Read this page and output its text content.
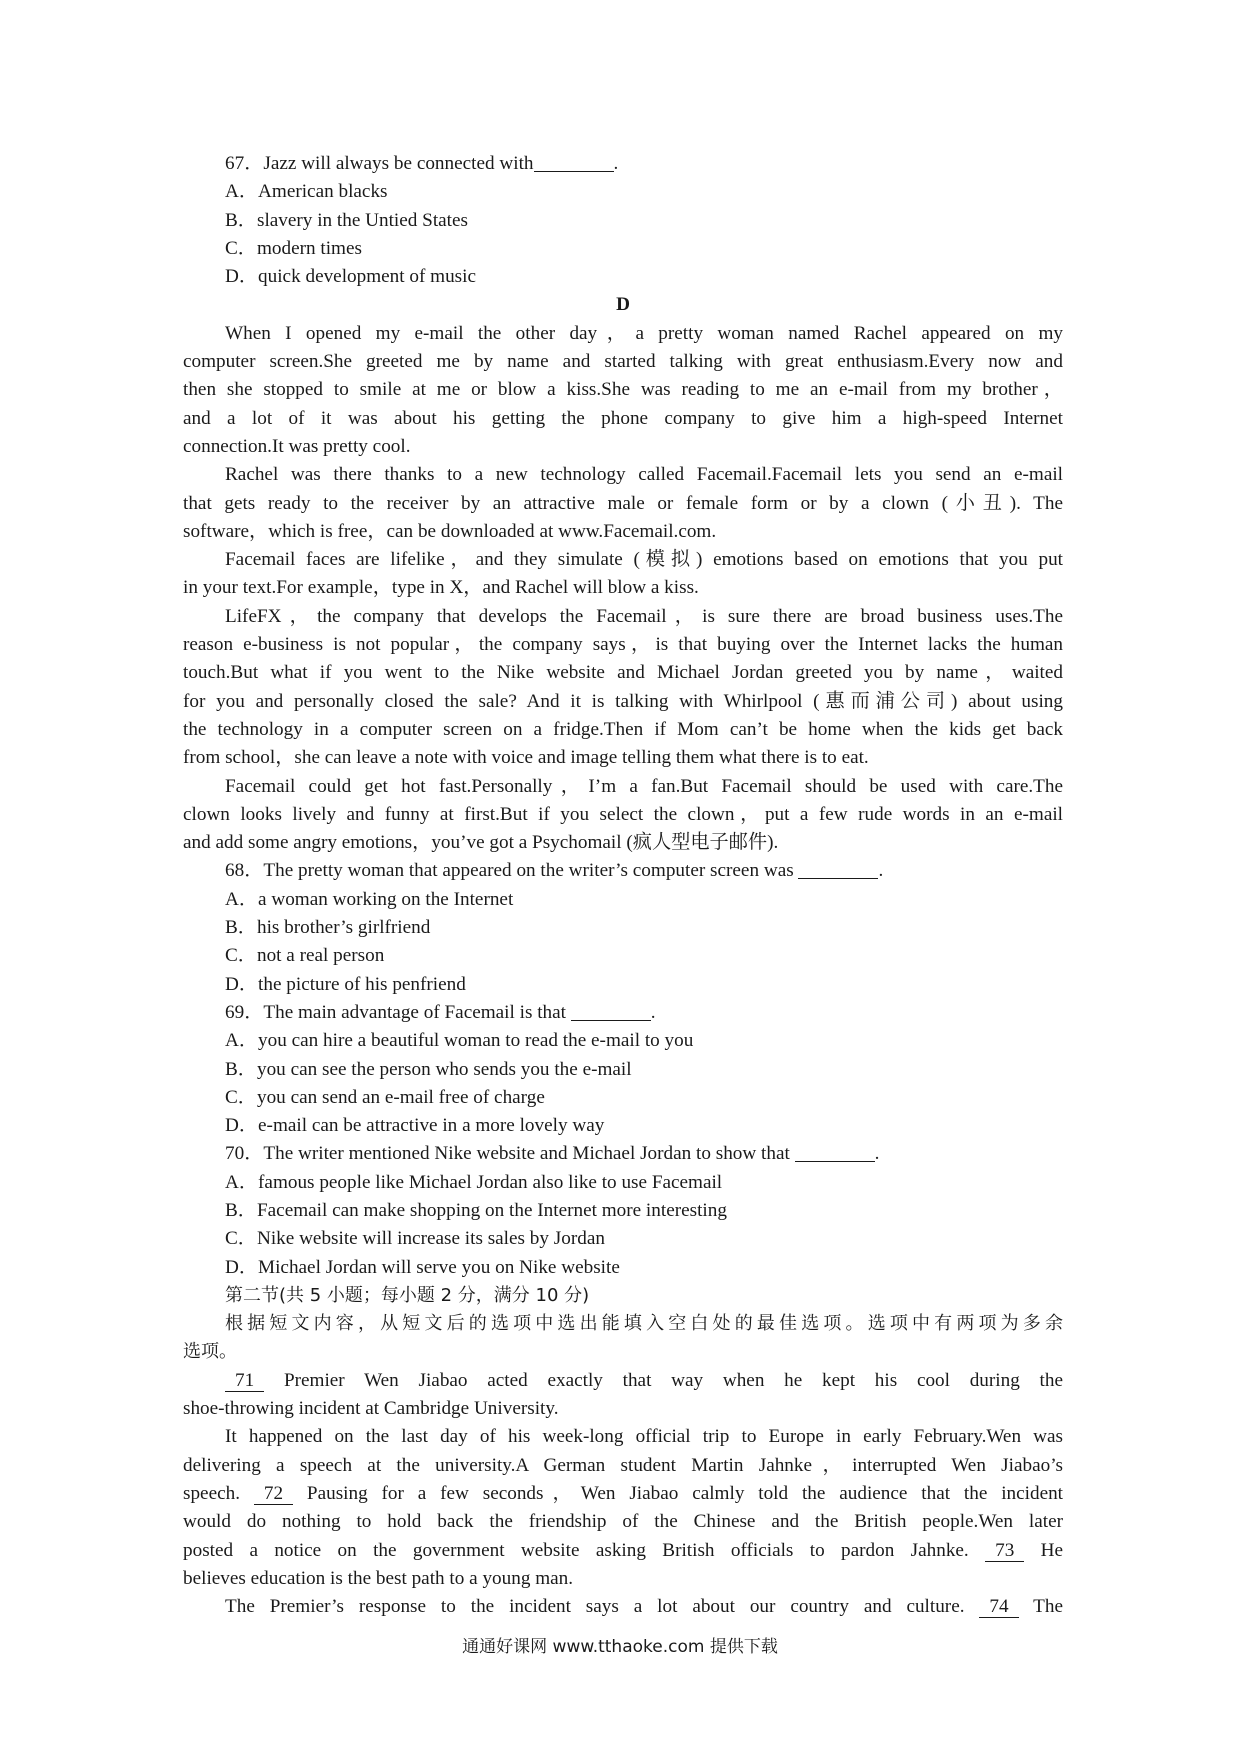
67．Jazz will always be connected with	.
A．American blacks
B．slavery in the Untied States
C．modern times
D．quick development of music
D
When I opened my e-mail the other day，a pretty woman named Rachel appeared on my
computer screen.She greeted me by name and started talking with great enthusiasm.Every now and
then she stopped to smile at me or blow a kiss.She was reading to me an e-mail from my brother，
and a lot of it was about his getting the phone company to give him a high-speed Internet
connection.It was pretty cool.
Rachel was there thanks to a new technology called Facemail.Facemail lets you send an e-mail
that gets ready to the receiver by an attractive male or female form or by a clown (小丑). The
software，which is free，can be downloaded at www.Facemail.com.
Facemail faces are lifelike，and they simulate (模拟) emotions based on emotions that you put
in your text.For example，type in X，and Rachel will blow a kiss.
LifeFX，the company that develops the Facemail，is sure there are broad business uses.The
reason e-business is not popular，the company says，is that buying over the Internet lacks the human
touch.But what if you went to the Nike website and Michael Jordan greeted you by name，waited
for you and personally closed the sale? And it is talking with Whirlpool (惠而浦公司) about using
the technology in a computer screen on a fridge.Then if Mom can’t be home when the kids get back
from school，she can leave a note with voice and image telling them what there is to eat.
Facemail could get hot fast.Personally，I’m a fan.But Facemail should be used with care.The
clown looks lively and funny at first.But if you select the clown，put a few rude words in an e-mail
and add some angry emotions，you’ve got a Psychomail (疯人型电子邮件).
68．The pretty woman that appeared on the writer’s computer screen was	.
A．a woman working on the Internet
B．his brother’s girlfriend
C．not a real person
D．the picture of his penfriend
69．The main advantage of Facemail is that	.
A．you can hire a beautiful woman to read the e-mail to you
B．you can see the person who sends you the e-mail
C．you can send an e-mail free of charge
D．e-mail can be attractive in a more lovely way
70．The writer mentioned Nike website and Michael Jordan to show that	.
A．famous people like Michael Jordan also like to use Facemail
B．Facemail can make shopping on the Internet more interesting
C．Nike website will increase its sales by Jordan
D．Michael Jordan will serve you on Nike website
第二节(共 5 小题；每小题 2 分，满分 10 分)
根据短文内容，从短文后的选项中选出能填入空白处的最佳选项。选项中有两项为多余
选项。
71 Premier Wen Jiabao acted exactly that way when he kept his cool during the
shoe-throwing incident at Cambridge University.
It happened on the last day of his week-long official trip to Europe in early February.Wen was
delivering a speech at the university.A German student Martin Jahnke，interrupted Wen Jiabao’s
speech. 72 Pausing for a few seconds，Wen Jiabao calmly told the audience that the incident
would do nothing to hold back the friendship of the Chinese and the British people.Wen later
posted a notice on the government website asking British officials to pardon Jahnke. 73 He
believes education is the best path to a young man.
The Premier’s response to the incident says a lot about our country and culture. 74 The
通通好课网 www.tthaoke.com 提供下载
